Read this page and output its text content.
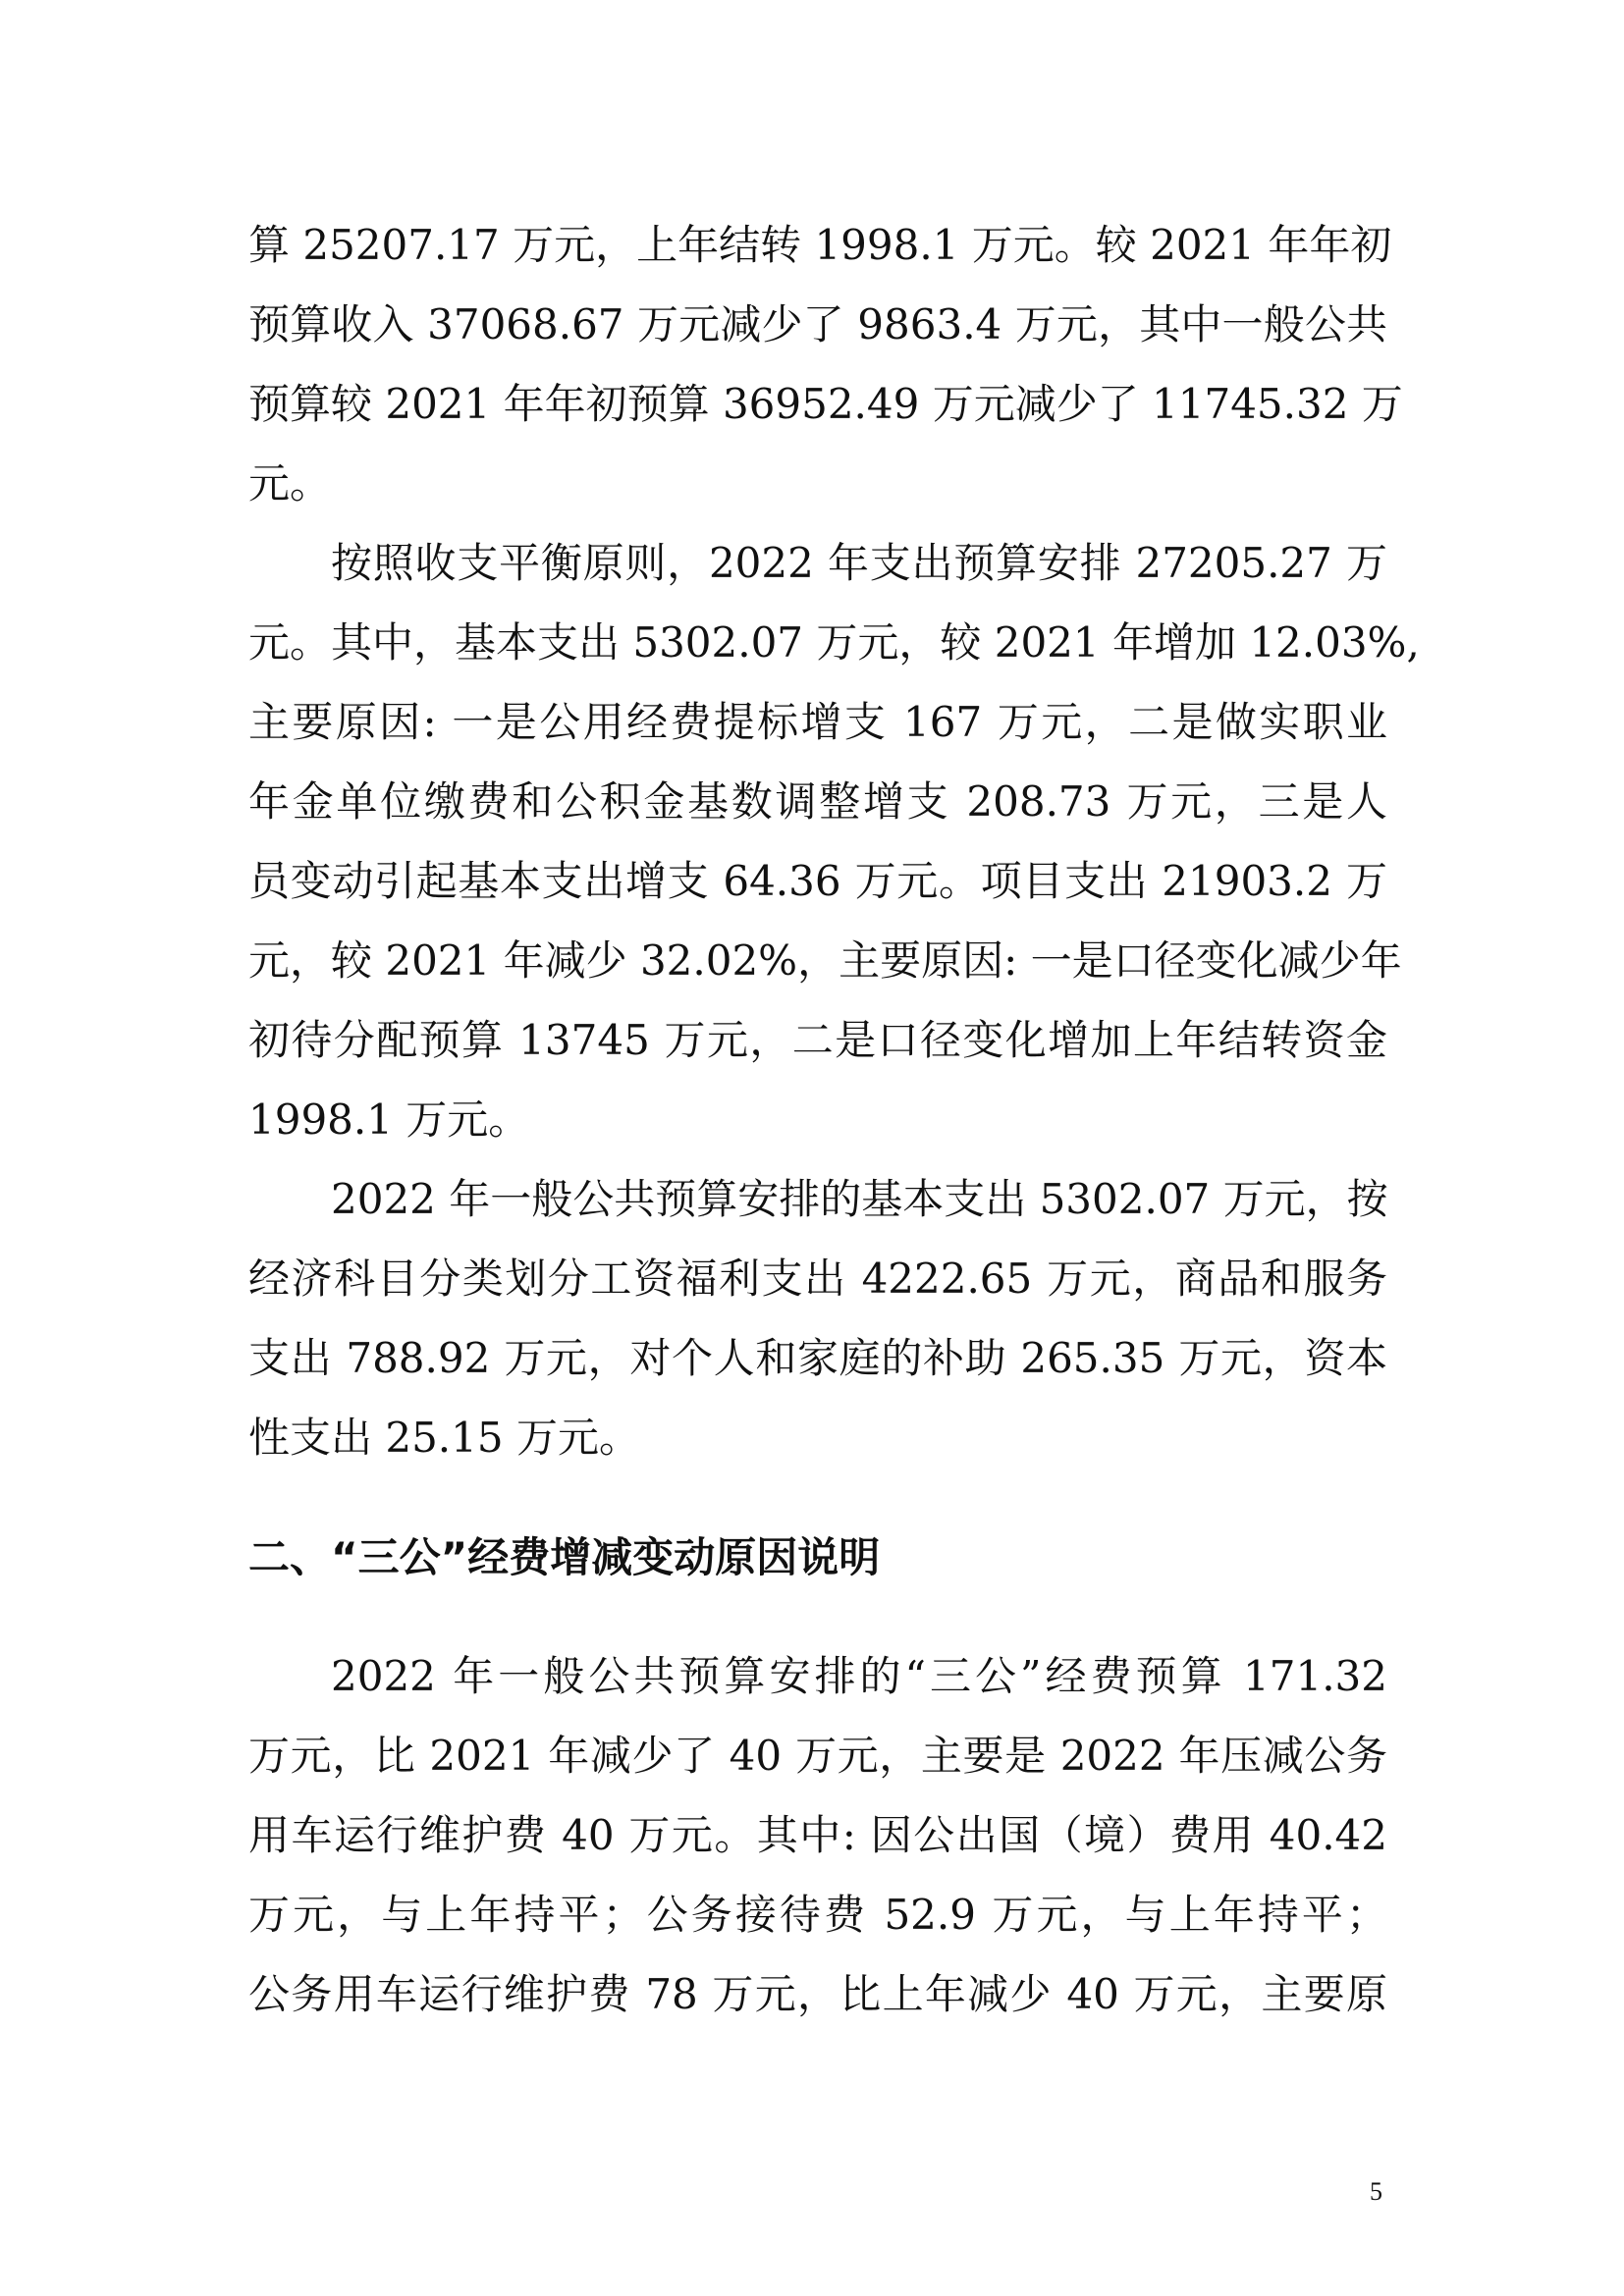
算 25207.17 万元，上年结转 1998.1 万元。较 2021 年年初
预算收入 37068.67 万元减少了 9863.4 万元，其中一般公共
预算较 2021 年年初预算 36952.49 万元减少了 11745.32 万
元。
按照收支平衡原则，2022 年支出预算安排 27205.27 万
元。其中，基本支出 5302.07 万元，较 2021 年增加 12.03%,
主要原因: 一是公用经费提标增支 167 万元，二是做实职业
年金单位缴费和公积金基数调整增支 208.73 万元，三是人
员变动引起基本支出增支 64.36 万元。项目支出 21903.2 万
元，较 2021 年减少 32.02%，主要原因: 一是口径变化减少年
初待分配预算 13745 万元，二是口径变化增加上年结转资金
1998.1 万元。
2022 年一般公共预算安排的基本支出 5302.07 万元，按
经济科目分类划分工资福利支出 4222.65 万元，商品和服务
支出 788.92 万元，对个人和家庭的补助 265.35 万元，资本
性支出 25.15 万元。
二、“三公”经费增减变动原因说明
2022 年一般公共预算安排的“三公”经费预算 171.32
万元，比 2021 年减少了 40 万元，主要是 2022 年压减公务
用车运行维护费 40 万元。其中: 因公出国（境）费用 40.42
万元，与上年持平；公务接待费 52.9 万元，与上年持平；
公务用车运行维护费 78 万元，比上年减少 40 万元，主要原
5
